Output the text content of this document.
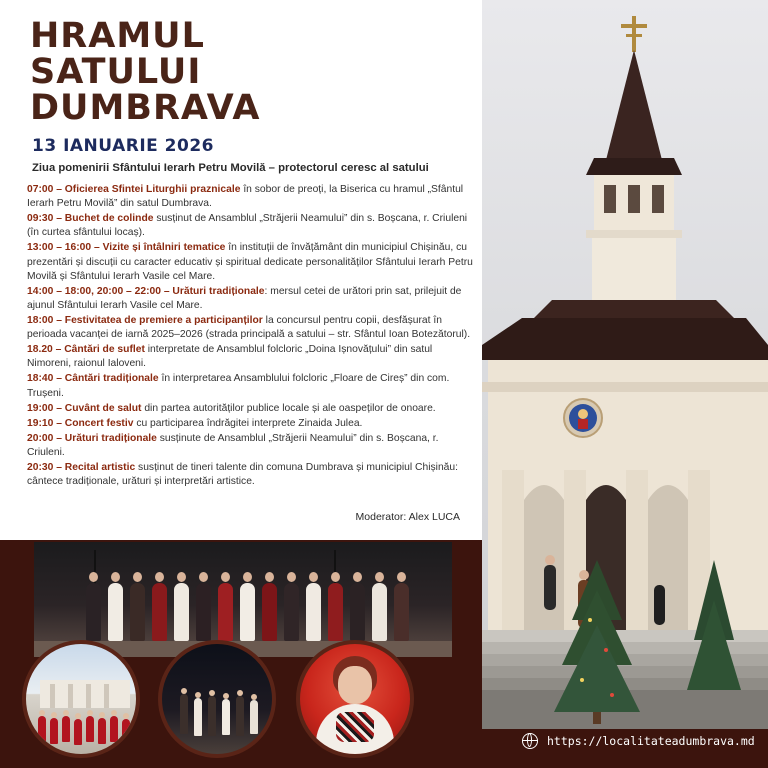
HRAMUL
SATULUI
DUMBRAVA

13 IANUARIE 2026

Ziua pomenirii Sfântului Ierarh Petru Movilă – protectorul ceresc al satului

07:00 – Oficierea Sfintei Liturghii praznicale în sobor de preoți, la Biserica cu hramul „Sfântul Ierarh Petru Movilă” din satul Dumbrava.
09:30 – Buchet de colinde susținut de Ansamblul „Străjerii Neamului” din s. Boșcana, r. Criuleni (în curtea sfântului locaș).
13:00 – 16:00 – Vizite și întâlniri tematice în instituții de învățământ din municipiul Chișinău, cu prezentări și discuții cu caracter educativ și spiritual dedicate personalităților Sfântului Ierarh Petru Movilă și Sfântului Ierarh Vasile cel Mare.
14:00 – 18:00, 20:00 – 22:00 – Urături tradiționale: mersul cetei de urători prin sat, prilejuit de ajunul Sfântului Ierarh Vasile cel Mare.
18:00 – Festivitatea de premiere a participanților la concursul pentru copii, desfășurat în perioada vacanței de iarnă 2025–2026 (strada principală a satului – str. Sfântul Ioan Botezătorul).
18.20 – Cântări de suflet interpretate de Ansamblul folcloric „Doina Ișnovățului” din satul Nimoreni, raionul Ialoveni.
18:40 – Cântări tradiționale în interpretarea Ansamblului folcloric „Floare de Cireș” din com. Trușeni.
19:00 – Cuvânt de salut din partea autorităților publice locale și ale oaspeților de onoare.
19:10 – Concert festiv cu participarea îndrăgitei interprete Zinaida Julea.
20:00 – Urături tradiționale susținute de Ansamblul „Străjerii Neamului” din s. Boșcana, r. Criuleni.
20:30 – Recital artistic susținut de tineri talente din comuna Dumbrava și municipiul Chișinău: cântece tradiționale, urături și interpretări artistice.

Moderator: Alex LUCA

https://localitateadumbrava.md
